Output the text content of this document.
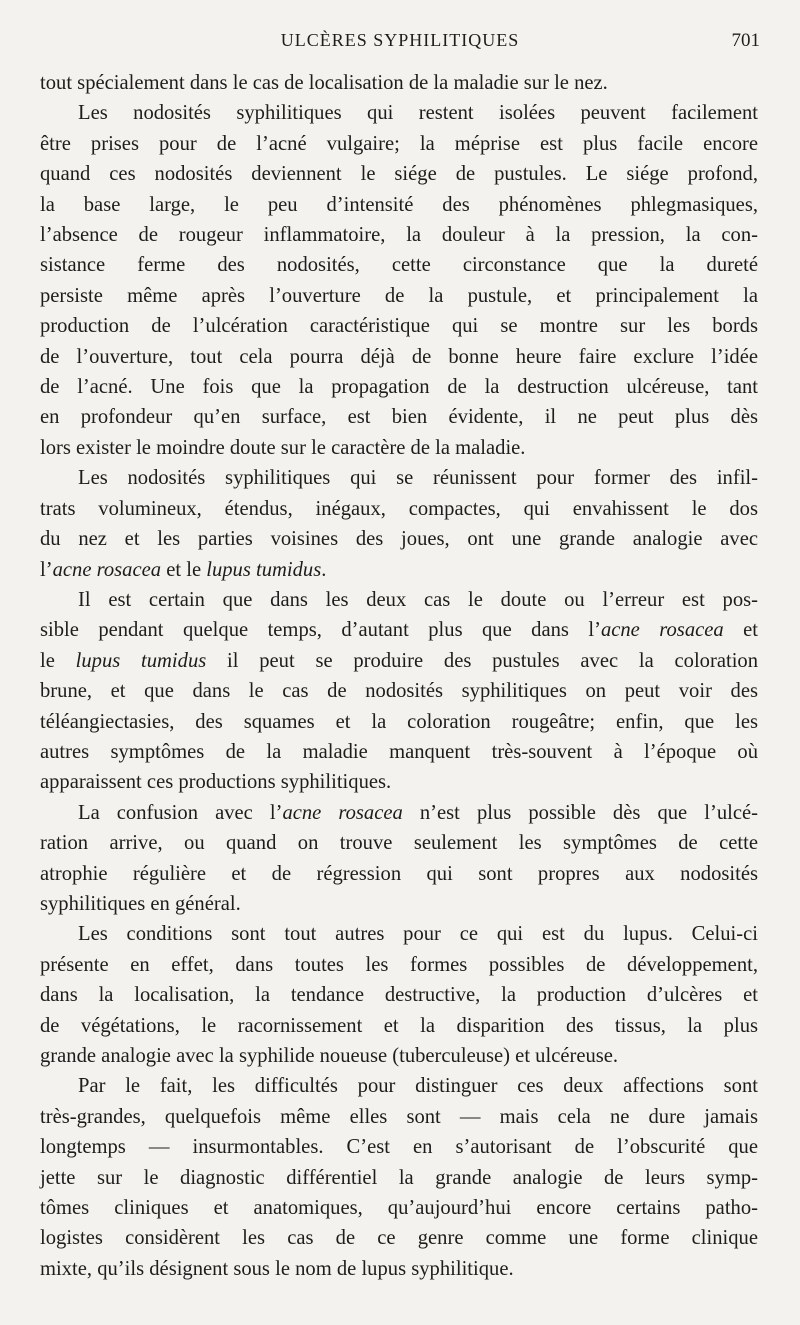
ULCÈRES SYPHILITIQUES	701
tout spécialement dans le cas de localisation de la maladie sur le nez.
Les nodosités syphilitiques qui restent isolées peuvent facilement
être prises pour de l’acné vulgaire; la méprise est plus facile encore
quand ces nodosités deviennent le siége de pustules. Le siége profond,
la base large, le peu d’intensité des phénomènes phlegmasiques,
l’absence de rougeur inflammatoire, la douleur à la pression, la con-
sistance ferme des nodosités, cette circonstance que la dureté
persiste même après l’ouverture de la pustule, et principalement la
production de l’ulcération caractéristique qui se montre sur les bords
de l’ouverture, tout cela pourra déjà de bonne heure faire exclure l’idée
de l’acné. Une fois que la propagation de la destruction ulcéreuse, tant
en profondeur qu’en surface, est bien évidente, il ne peut plus dès
lors exister le moindre doute sur le caractère de la maladie.
Les nodosités syphilitiques qui se réunissent pour former des infil-
trats volumineux, étendus, inégaux, compactes, qui envahissent le dos
du nez et les parties voisines des joues, ont une grande analogie avec
l’acne rosacea et le lupus tumidus.
Il est certain que dans les deux cas le doute ou l’erreur est pos-
sible pendant quelque temps, d’autant plus que dans l’acne rosacea et
le lupus tumidus il peut se produire des pustules avec la coloration
brune, et que dans le cas de nodosités syphilitiques on peut voir des
téléangiectasies, des squames et la coloration rougeâtre; enfin, que les
autres symptômes de la maladie manquent très-souvent à l’époque où
apparaissent ces productions syphilitiques.
La confusion avec l’acne rosacea n’est plus possible dès que l’ulcé-
ration arrive, ou quand on trouve seulement les symptômes de cette
atrophie régulière et de régression qui sont propres aux nodosités
syphilitiques en général.
Les conditions sont tout autres pour ce qui est du lupus. Celui-ci
présente en effet, dans toutes les formes possibles de développement,
dans la localisation, la tendance destructive, la production d’ulcères et
de végétations, le racornissement et la disparition des tissus, la plus
grande analogie avec la syphilide noueuse (tuberculeuse) et ulcéreuse.
Par le fait, les difficultés pour distinguer ces deux affections sont
très-grandes, quelquefois même elles sont — mais cela ne dure jamais
longtemps — insurmontables. C’est en s’autorisant de l’obscurité que
jette sur le diagnostic différentiel la grande analogie de leurs symp-
tômes cliniques et anatomiques, qu’aujourd’hui encore certains patho-
logistes considèrent les cas de ce genre comme une forme clinique
mixte, qu’ils désignent sous le nom de lupus syphilitique.
